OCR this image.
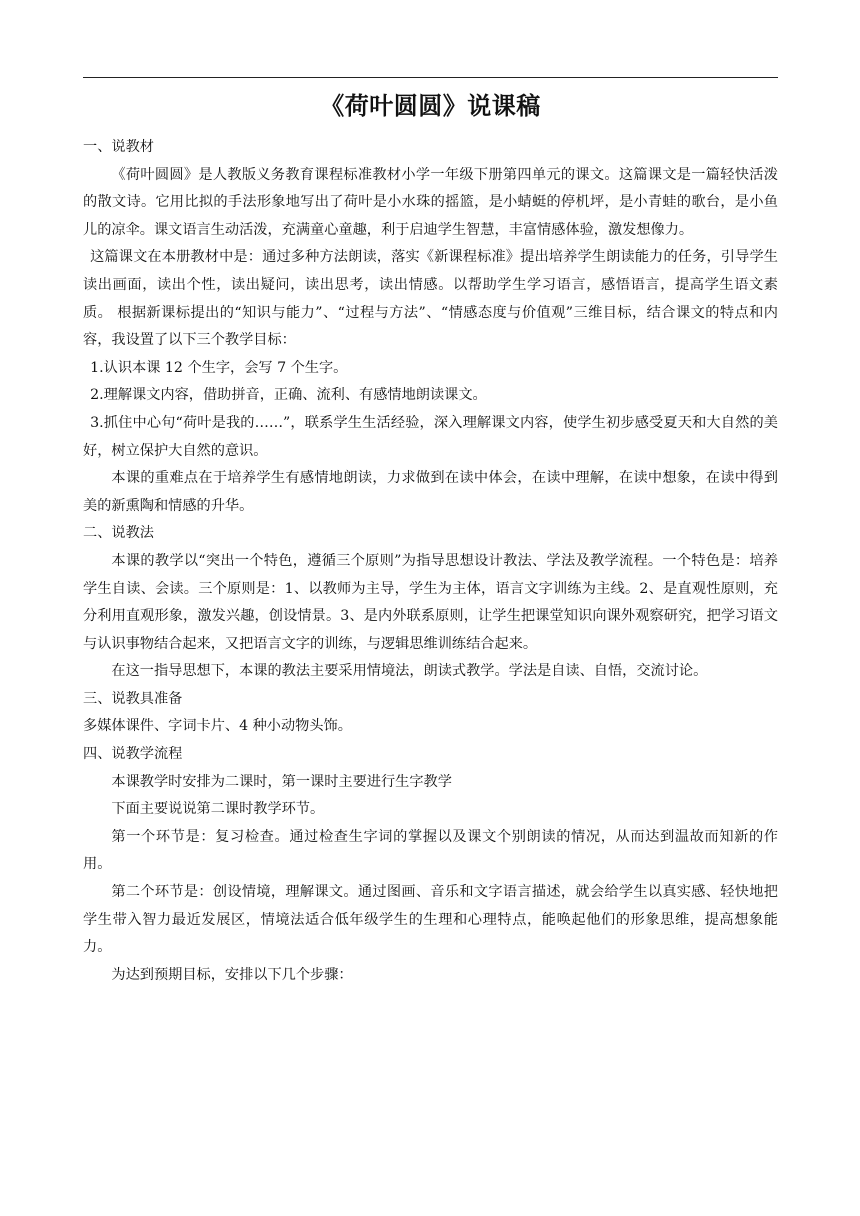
《荷叶圆圆》说课稿

一、说教材

《荷叶圆圆》是人教版义务教育课程标准教材小学一年级下册第四单元的课文。这篇课文是一篇轻快活泼的散文诗。它用比拟的手法形象地写出了荷叶是小水珠的摇篮，是小蜻蜓的停机坪，是小青蛙的歌台，是小鱼儿的凉伞。课文语言生动活泼，充满童心童趣，利于启迪学生智慧，丰富情感体验，激发想像力。

这篇课文在本册教材中是：通过多种方法朗读，落实《新课程标准》提出培养学生朗读能力的任务，引导学生读出画面，读出个性，读出疑问，读出思考，读出情感。以帮助学生学习语言，感悟语言，提高学生语文素质。 根据新课标提出的“知识与能力”、“过程与方法”、“情感态度与价值观”三维目标，结合课文的特点和内容，我设置了以下三个教学目标：

1.认识本课 12 个生字，会写 7 个生字。

2.理解课文内容，借助拼音，正确、流利、有感情地朗读课文。

3.抓住中心句“荷叶是我的……”，联系学生生活经验，深入理解课文内容，使学生初步感受夏天和大自然的美好，树立保护大自然的意识。

本课的重难点在于培养学生有感情地朗读，力求做到在读中体会，在读中理解，在读中想象，在读中得到美的新熏陶和情感的升华。

二、说教法

本课的教学以“突出一个特色，遵循三个原则”为指导思想设计教法、学法及教学流程。一个特色是：培养学生自读、会读。三个原则是：1、以教师为主导，学生为主体，语言文字训练为主线。2、是直观性原则，充分利用直观形象，激发兴趣，创设情景。3、是内外联系原则，让学生把课堂知识向课外观察研究，把学习语文与认识事物结合起来，又把语言文字的训练，与逻辑思维训练结合起来。

在这一指导思想下，本课的教法主要采用情境法，朗读式教学。学法是自读、自悟，交流讨论。

三、说教具准备

多媒体课件、字词卡片、4 种小动物头饰。

四、说教学流程

本课教学时安排为二课时，第一课时主要进行生字教学

下面主要说说第二课时教学环节。

第一个环节是：复习检查。通过检查生字词的掌握以及课文个别朗读的情况，从而达到温故而知新的作用。

第二个环节是：创设情境，理解课文。通过图画、音乐和文字语言描述，就会给学生以真实感、轻快地把学生带入智力最近发展区，情境法适合低年级学生的生理和心理特点，能唤起他们的形象思维，提高想象能力。

为达到预期目标，安排以下几个步骤：
